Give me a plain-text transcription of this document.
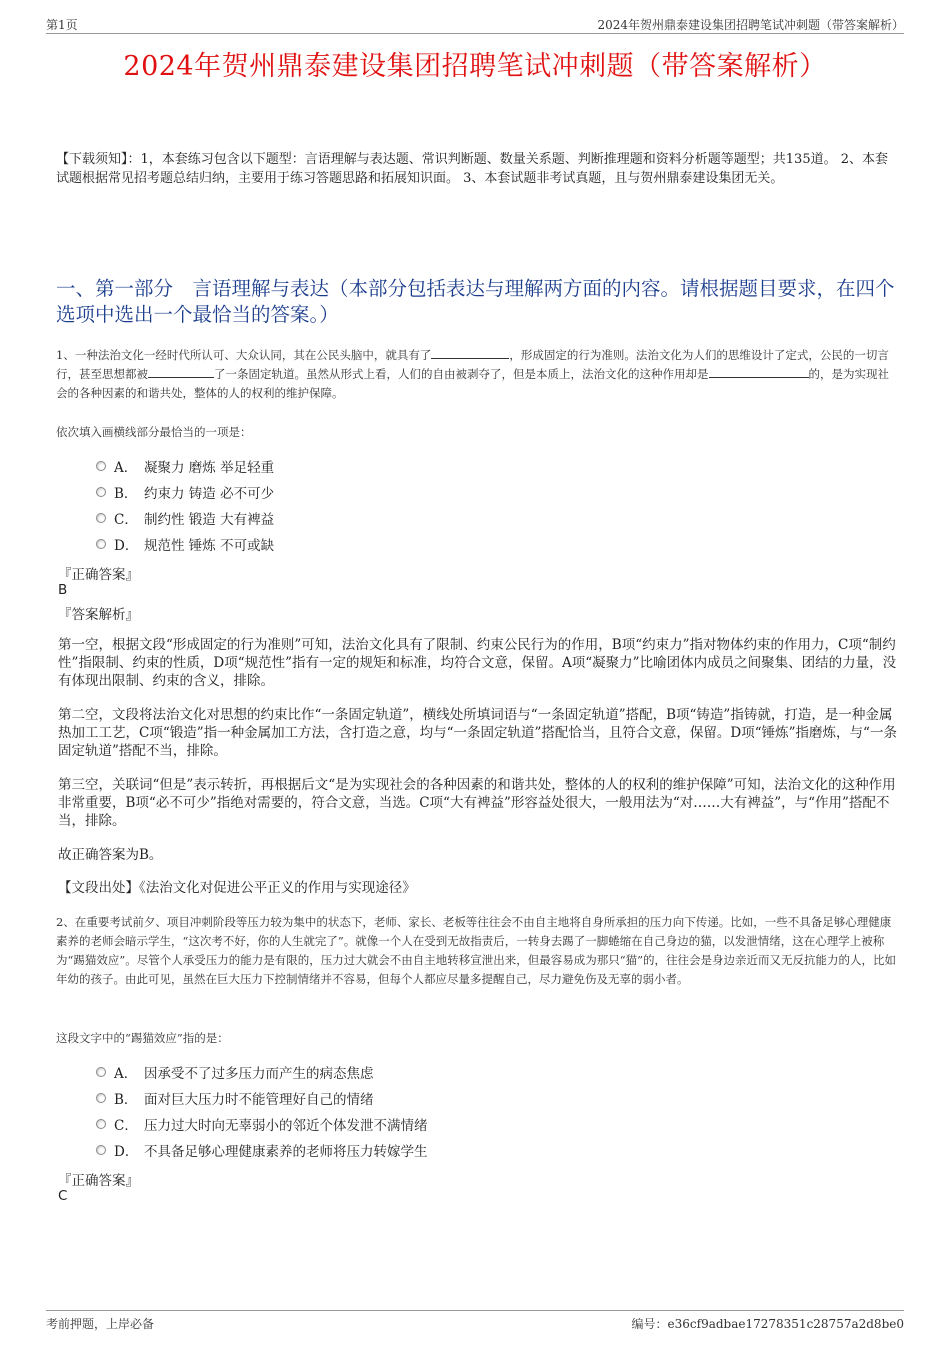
第1页	2024年贺州鼎泰建设集团招聘笔试冲刺题（带答案解析）
2024年贺州鼎泰建设集团招聘笔试冲刺题（带答案解析）
【下载须知】：1，本套练习包含以下题型：言语理解与表达题、常识判断题、数量关系题、判断推理题和资料分析题等题型；共135道。 2、本套试题根据常见招考题总结归纳，主要用于练习答题思路和拓展知识面。 3、本套试题非考试真题，且与贺州鼎泰建设集团无关。
一、第一部分　言语理解与表达（本部分包括表达与理解两方面的内容。请根据题目要求，在四个选项中选出一个最恰当的答案。）
1、一种法治文化一经时代所认可、大众认同，其在公民头脑中，就具有了	，形成固定的行为准则。法治文化为人们的思维设计了定式，公民的一切言行，甚至思想都被	了一条固定轨道。虽然从形式上看，人们的自由被剥夺了，但是本质上，法治文化的这种作用却是	的，是为实现社会的各种因素的和谐共处，整体的人的权利的维护保障。
依次填入画横线部分最恰当的一项是：
A． 凝聚力 磨炼 举足轻重
B． 约束力 铸造 必不可少
C． 制约性 锻造 大有裨益
D． 规范性 锤炼 不可或缺
『正确答案』
B
『答案解析』
第一空，根据文段“形成固定的行为准则”可知，法治文化具有了限制、约束公民行为的作用，B项“约束力”指对物体约束的作用力，C项“制约性”指限制、约束的性质，D项“规范性”指有一定的规矩和标准，均符合文意，保留。A项“凝聚力”比喻团体内成员之间聚集、团结的力量，没有体现出限制、约束的含义，排除。
第二空，文段将法治文化对思想的约束比作“一条固定轨道”，横线处所填词语与“一条固定轨道”搭配，B项“铸造”指铸就，打造，是一种金属热加工工艺，C项“锻造”指一种金属加工方法，含打造之意，均与“一条固定轨道”搭配恰当，且符合文意，保留。D项“锤炼”指磨炼，与“一条固定轨道”搭配不当，排除。
第三空，关联词“但是”表示转折，再根据后文“是为实现社会的各种因素的和谐共处，整体的人的权利的维护保障”可知，法治文化的这种作用非常重要，B项“必不可少”指绝对需要的，符合文意，当选。C项“大有裨益”形容益处很大，一般用法为“对……大有裨益”，与“作用”搭配不当，排除。
故正确答案为B。
【文段出处】《法治文化对促进公平正义的作用与实现途径》
2、在重要考试前夕、项目冲刺阶段等压力较为集中的状态下，老师、家长、老板等往往会不由自主地将自身所承担的压力向下传递。比如，一些不具备足够心理健康素养的老师会暗示学生，“这次考不好，你的人生就完了”。就像一个人在受到无故指责后，一转身去踢了一脚蜷缩在自己身边的猫，以发泄情绪，这在心理学上被称为“踢猫效应”。尽管个人承受压力的能力是有限的，压力过大就会不由自主地转移宣泄出来，但最容易成为那只“猫”的，往往会是身边亲近而又无反抗能力的人，比如年幼的孩子。由此可见，虽然在巨大压力下控制情绪并不容易，但每个人都应尽量多提醒自己，尽力避免伤及无辜的弱小者。
这段文字中的“踢猫效应”指的是：
A． 因承受不了过多压力而产生的病态焦虑
B． 面对巨大压力时不能管理好自己的情绪
C． 压力过大时向无辜弱小的邻近个体发泄不满情绪
D． 不具备足够心理健康素养的老师将压力转嫁学生
『正确答案』
C
考前押题，上岸必备	编号：e36cf9adbae17278351c28757a2d8be0
